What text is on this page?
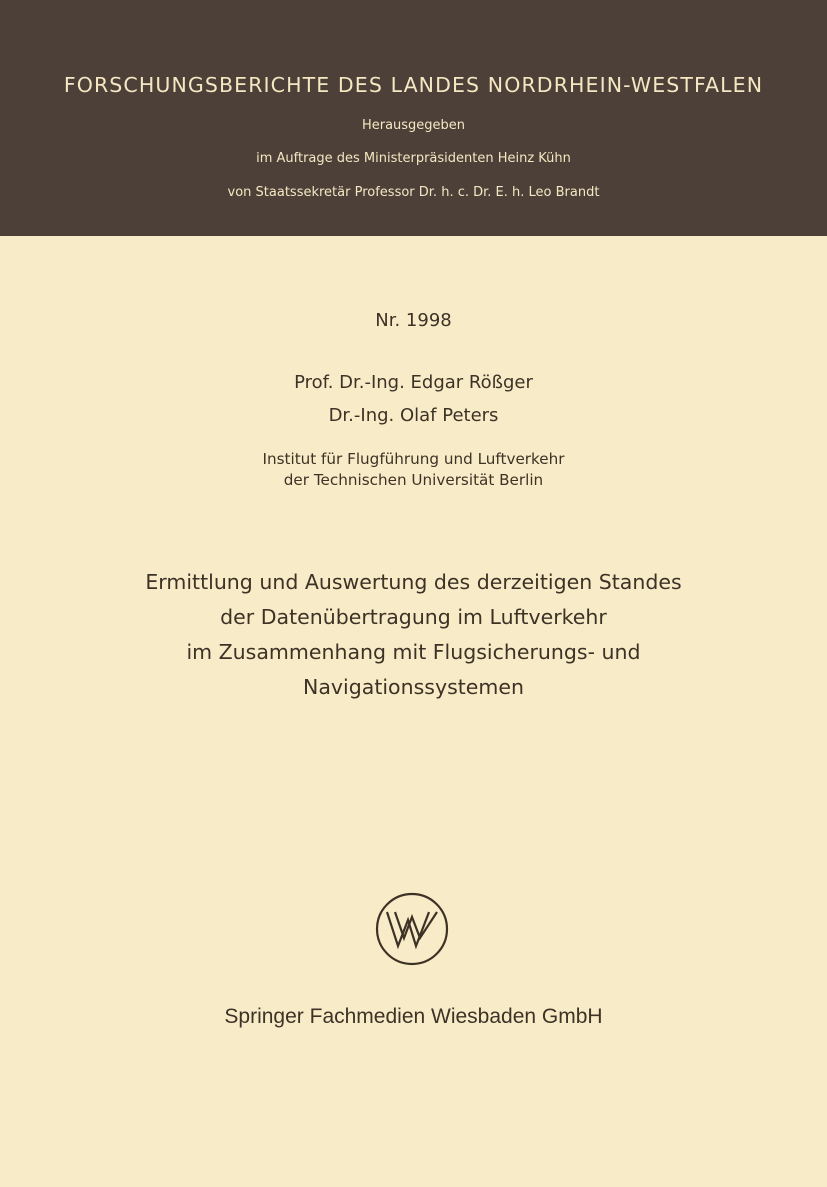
FORSCHUNGSBERICHTE DES LANDES NORDRHEIN-WESTFALEN
Herausgegeben
im Auftrage des Ministerpräsidenten Heinz Kühn
von Staatssekretär Professor Dr. h. c. Dr. E. h. Leo Brandt
Nr. 1998
Prof. Dr.-Ing. Edgar Rößger
Dr.-Ing. Olaf Peters
Institut für Flugführung und Luftverkehr
der Technischen Universität Berlin
Ermittlung und Auswertung des derzeitigen Standes
der Datenübertragung im Luftverkehr
im Zusammenhang mit Flugsicherungs- und
Navigationssystemen
Springer Fachmedien Wiesbaden GmbH
